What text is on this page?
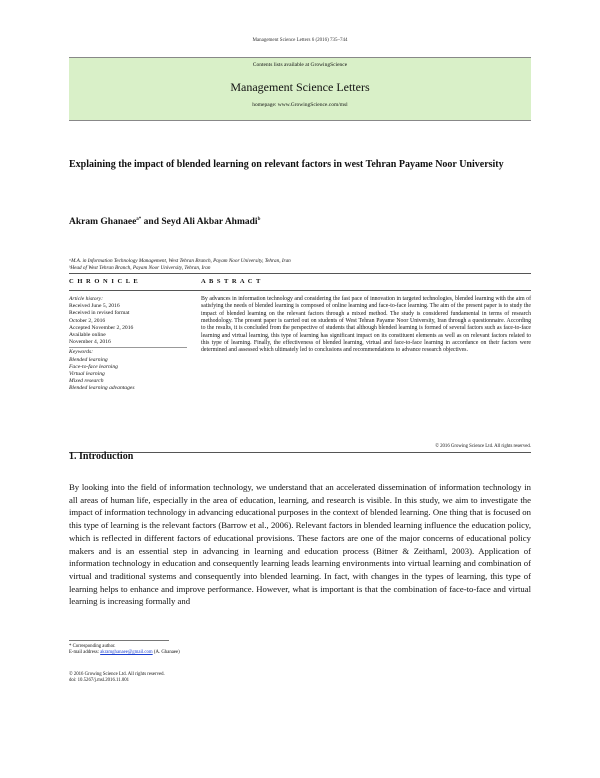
Management Science Letters 6 (2016) 735–744
Contents lists available at GrowingScience
Management Science Letters
homepage: www.GrowingScience.com/msl
Explaining the impact of blended learning on relevant factors in west Tehran Payame Noor University
Akram Ghanaee$^{a*}$ and Seyd Ali Akbar Ahmadi$^b$
ᵃM.A. in Information Technology Management, West Tehran Branch, Payam Noor University, Tehran, Iran
ᵇHead of West Tehran Branch, Payam Noor University, Tehran, Iran
C H R O N I C L E	A B S T R A C T
Article history:
Received June 5, 2016
Received in revised format
October 2, 2016
Accepted November 2, 2016
Available online
November 4, 2016
Keywords:
Blended learning
Face-to-face learning
Virtual learning
Mixed research
Blended learning advantages
By advances in information technology and considering the fast pace of innovation in targeted technologies, blended learning with the aim of satisfying the needs of blended learning is composed of online learning and face-to-face learning. The aim of the present paper is to study the impact of blended learning on the relevant factors through a mixed method. The study is considered fundamental in terms of research methodology. The present paper is carried out on students of West Tehran Payame Noor University, Iran through a questionnaire. According to the results, it is concluded from the perspective of students that although blended learning is formed of several factors such as face-to-face learning and virtual learning, this type of learning has significant impact on its constituent elements as well as on relevant factors related to this type of learning. Finally, the effectiveness of blended learning, virtual and face-to-face learning in accordance on their factors were determined and assessed which ultimately led to conclusions and recommendations to advance research objectives.
© 2016 Growing Science Ltd. All rights reserved.
1. Introduction
By looking into the field of information technology, we understand that an accelerated dissemination of information technology in all areas of human life, especially in the area of education, learning, and research is visible. In this study, we aim to investigate the impact of information technology in advancing educational purposes in the context of blended learning. One thing that is focused on this type of learning is the relevant factors (Barrow et al., 2006). Relevant factors in blended learning influence the education policy, which is reflected in different factors of educational provisions. These factors are one of the major concerns of educational policy makers and is an essential step in advancing in learning and education process (Bitner & Zeithaml, 2003). Application of information technology in education and consequently learning leads learning environments into virtual learning and combination of virtual and traditional systems and consequently into blended learning. In fact, with changes in the types of learning, this type of learning helps to enhance and improve performance. However, what is important is that the combination of face-to-face and virtual learning is increasing formally and
* Corresponding author.
E-mail address: akramghanaee@gmail.com (A. Ghanaee)
© 2016 Growing Science Ltd. All rights reserved.
doi: 10.5267/j.msl.2016.11.001
